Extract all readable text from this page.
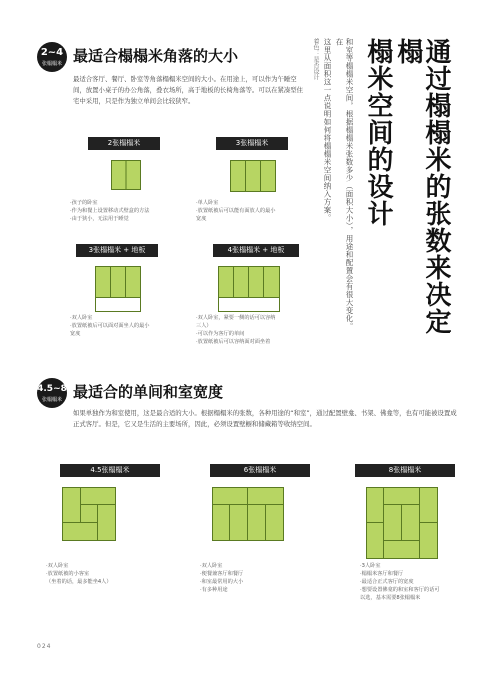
通过榻榻米的张数来决定榻
榻米空间的设计
和室等榻榻米空间，根据榻榻米张数多少（面积大小），用途和配置会有很大变化。在
这里从面积这一点说明如何将榻榻米空间纳入方案。
着色：是否设计
2~4
张榻榻米 最适合榻榻米角落的大小
最适合客厅、餐厅、卧室等角落榻榻米空间的大小。在用途上，可以作为午睡空间，放置小桌子的办公角落，叠衣场所，高于地板的长椅角落等。可以在紧凑型住宅中采用，只是作为独立单间会比较狭窄。
2张榻榻米
·孩子的卧室
·作为和餐上设置移动式壁盒的方法
·由于狭小，无法用于睡觉
3张榻榻米
·单人卧室
·放置纸被后可以能有面放人的最小
宽度
3张榻榻米 + 地板
·双人卧室
·放置纸被后可以面对面坐人的最小
宽度
4张榻榻米 + 地板
·双人卧室，紧要一侧的话可以容纳
三人）
·可以作为客厅的单间
·放置纸被后可以容纳面对面坐着
4.5~8
张榻榻米 最适合的单间和室宽度
如果单独作为和室使用，这是最合适的大小。根据榻榻米的张数，各种用途的“和室”，通过配置壁龛、书架、佛龛等，也有可能被设置成正式客厅。但是，它又是生活的主要场所，因此，必须设置壁橱和储藏箱等收纳空间。
4.5张榻榻米
·双人卧室
·放置纸被的小客室
（坐着的话，最多能坐4人）
6张榻榻米
·双人卧室
·便餐兼客厅和餐厅
·和室最常用的大小
·有多种用途
8张榻榻米
·3人卧室
·榻榻米客厅和餐厅
·最适合正式客厅的宽度
·想要设置佛龛的和室和客厅的话可
以选，基本需要8张榻榻米
024
